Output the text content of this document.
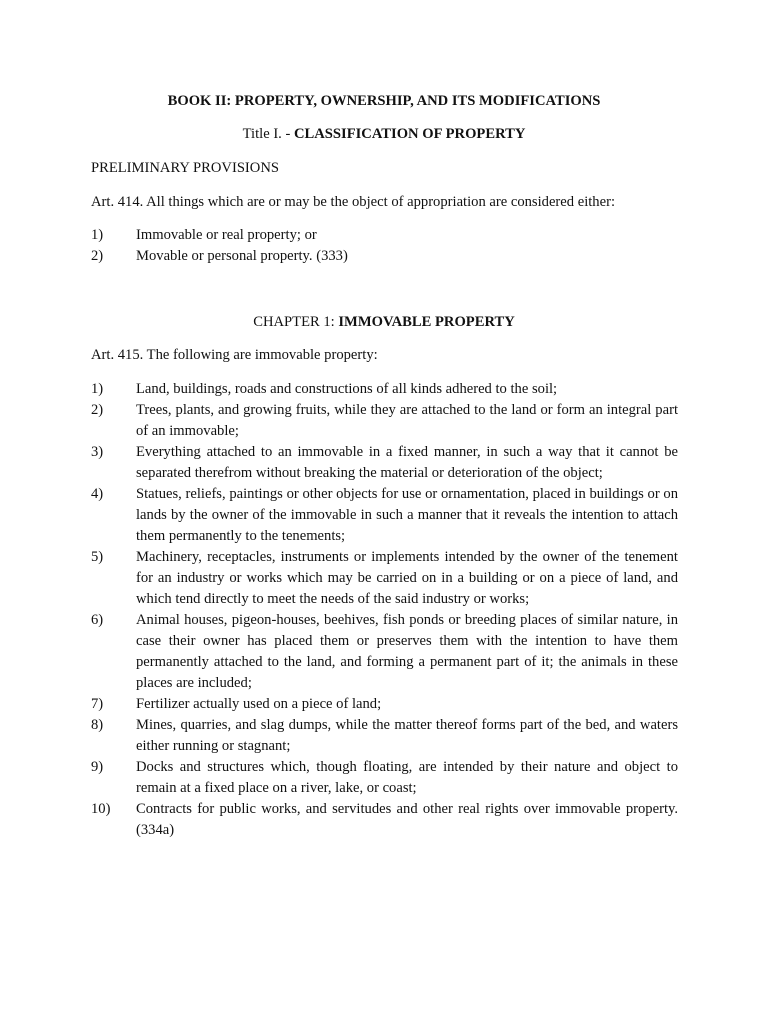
BOOK II: PROPERTY, OWNERSHIP, AND ITS MODIFICATIONS
Title I. - CLASSIFICATION OF PROPERTY
PRELIMINARY PROVISIONS
Art. 414. All things which are or may be the object of appropriation are considered either:
1)	Immovable or real property; or
2)	Movable or personal property. (333)
CHAPTER 1: IMMOVABLE PROPERTY
Art. 415. The following are immovable property:
1)	Land, buildings, roads and constructions of all kinds adhered to the soil;
2)	Trees, plants, and growing fruits, while they are attached to the land or form an integral part of an immovable;
3)	Everything attached to an immovable in a fixed manner, in such a way that it cannot be separated therefrom without breaking the material or deterioration of the object;
4)	Statues, reliefs, paintings or other objects for use or ornamentation, placed in buildings or on lands by the owner of the immovable in such a manner that it reveals the intention to attach them permanently to the tenements;
5)	Machinery, receptacles, instruments or implements intended by the owner of the tenement for an industry or works which may be carried on in a building or on a piece of land, and which tend directly to meet the needs of the said industry or works;
6)	Animal houses, pigeon-houses, beehives, fish ponds or breeding places of similar nature, in case their owner has placed them or preserves them with the intention to have them permanently attached to the land, and forming a permanent part of it; the animals in these places are included;
7)	Fertilizer actually used on a piece of land;
8)	Mines, quarries, and slag dumps, while the matter thereof forms part of the bed, and waters either running or stagnant;
9)	Docks and structures which, though floating, are intended by their nature and object to remain at a fixed place on a river, lake, or coast;
10)	Contracts for public works, and servitudes and other real rights over immovable property. (334a)
